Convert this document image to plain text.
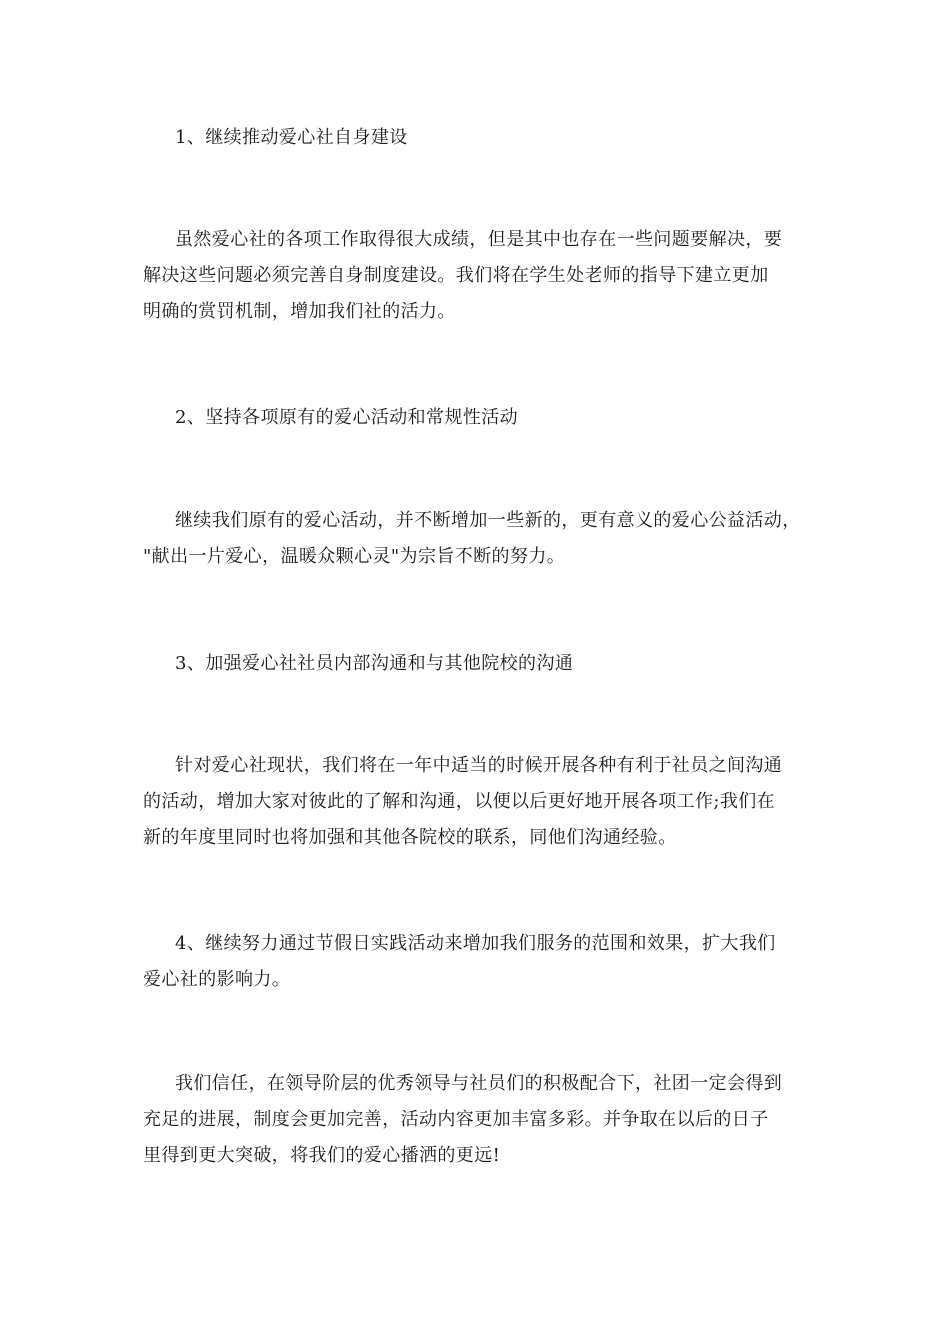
1、继续推动爱心社自身建设

虽然爱心社的各项工作取得很大成绩，但是其中也存在一些问题要解决，要
解决这些问题必须完善自身制度建设。我们将在学生处老师的指导下建立更加
明确的赏罚机制，增加我们社的活力。

2、坚持各项原有的爱心活动和常规性活动

继续我们原有的爱心活动，并不断增加一些新的，更有意义的爱心公益活动，
"献出一片爱心，温暖众颗心灵"为宗旨不断的努力。

3、加强爱心社社员内部沟通和与其他院校的沟通

针对爱心社现状，我们将在一年中适当的时候开展各种有利于社员之间沟通
的活动，增加大家对彼此的了解和沟通，以便以后更好地开展各项工作;我们在
新的年度里同时也将加强和其他各院校的联系，同他们沟通经验。

4、继续努力通过节假日实践活动来增加我们服务的范围和效果，扩大我们
爱心社的影响力。

我们信任，在领导阶层的优秀领导与社员们的积极配合下，社团一定会得到
充足的进展，制度会更加完善，活动内容更加丰富多彩。并争取在以后的日子
里得到更大突破，将我们的爱心播洒的更远!
